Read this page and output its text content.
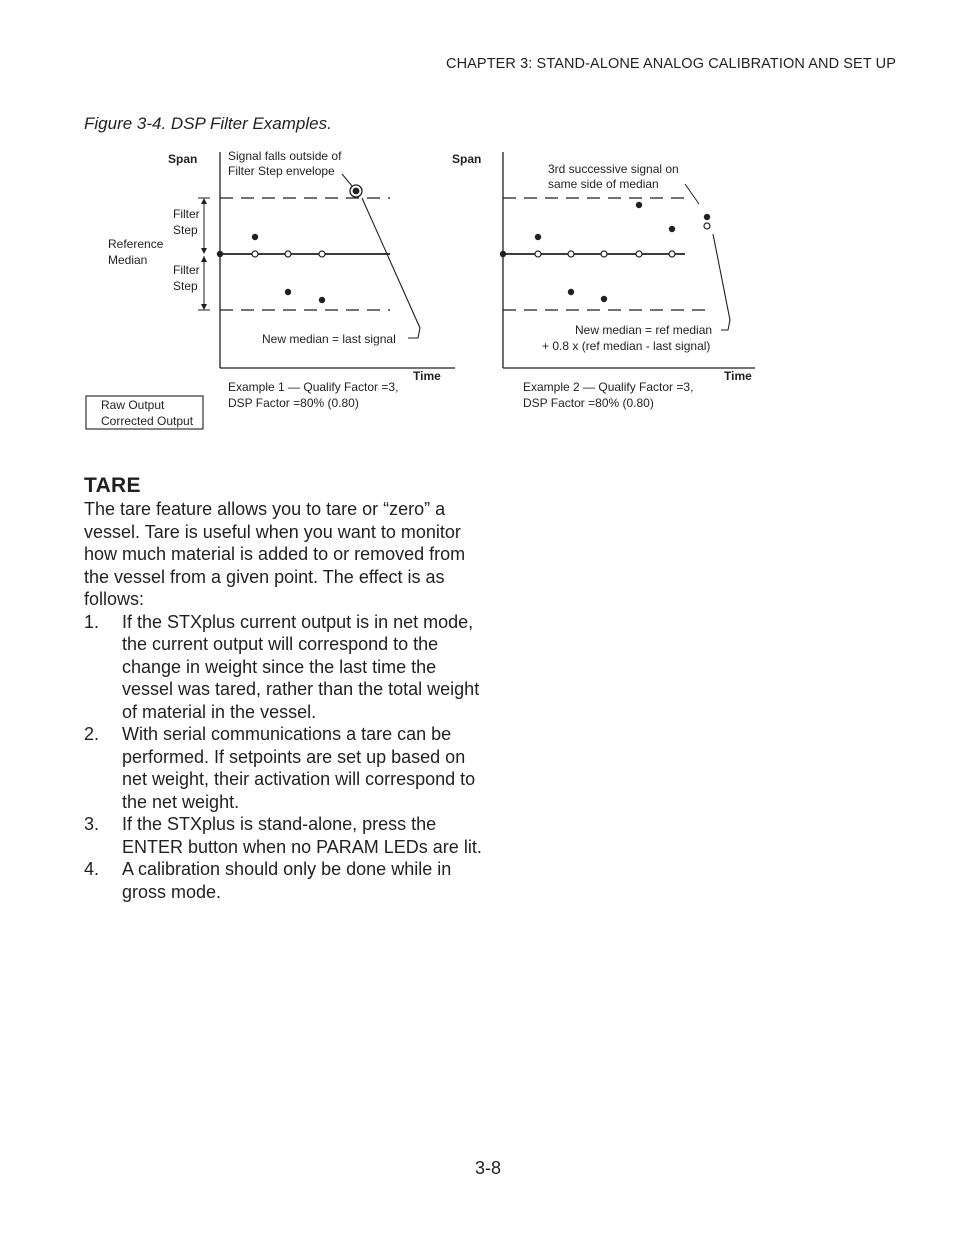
CHAPTER 3: STAND-ALONE ANALOG CALIBRATION AND SET UP
Figure 3-4. DSP Filter Examples.
Span	Signal falls outside of
Filter Step envelope
Filter
Step
Reference
Median
Filter
Step
New median = last signal
Time
Example 1 — Qualify Factor =3,
DSP Factor =80% (0.80)
Span
3rd successive signal on
same side of median
New median = ref median
+ 0.8 x (ref median - last signal)
Time
Example 2 — Qualify Factor =3,
DSP Factor =80% (0.80)
Raw Output
Corrected Output
TARE

The tare feature allows you to tare or “zero” a vessel. Tare is useful when you want to monitor how much material is added to or removed from the vessel from a given point. The effect is as follows:

1. If the STXplus current output is in net mode, the current output will correspond to the change in weight since the last time the vessel was tared, rather than the total weight of material in the vessel.
2. With serial communications a tare can be performed. If setpoints are set up based on net weight, their activation will correspond to the net weight.
3. If the STXplus is stand-alone, press the ENTER button when no PARAM LEDs are lit.
4. A calibration should only be done while in gross mode.
3-8
